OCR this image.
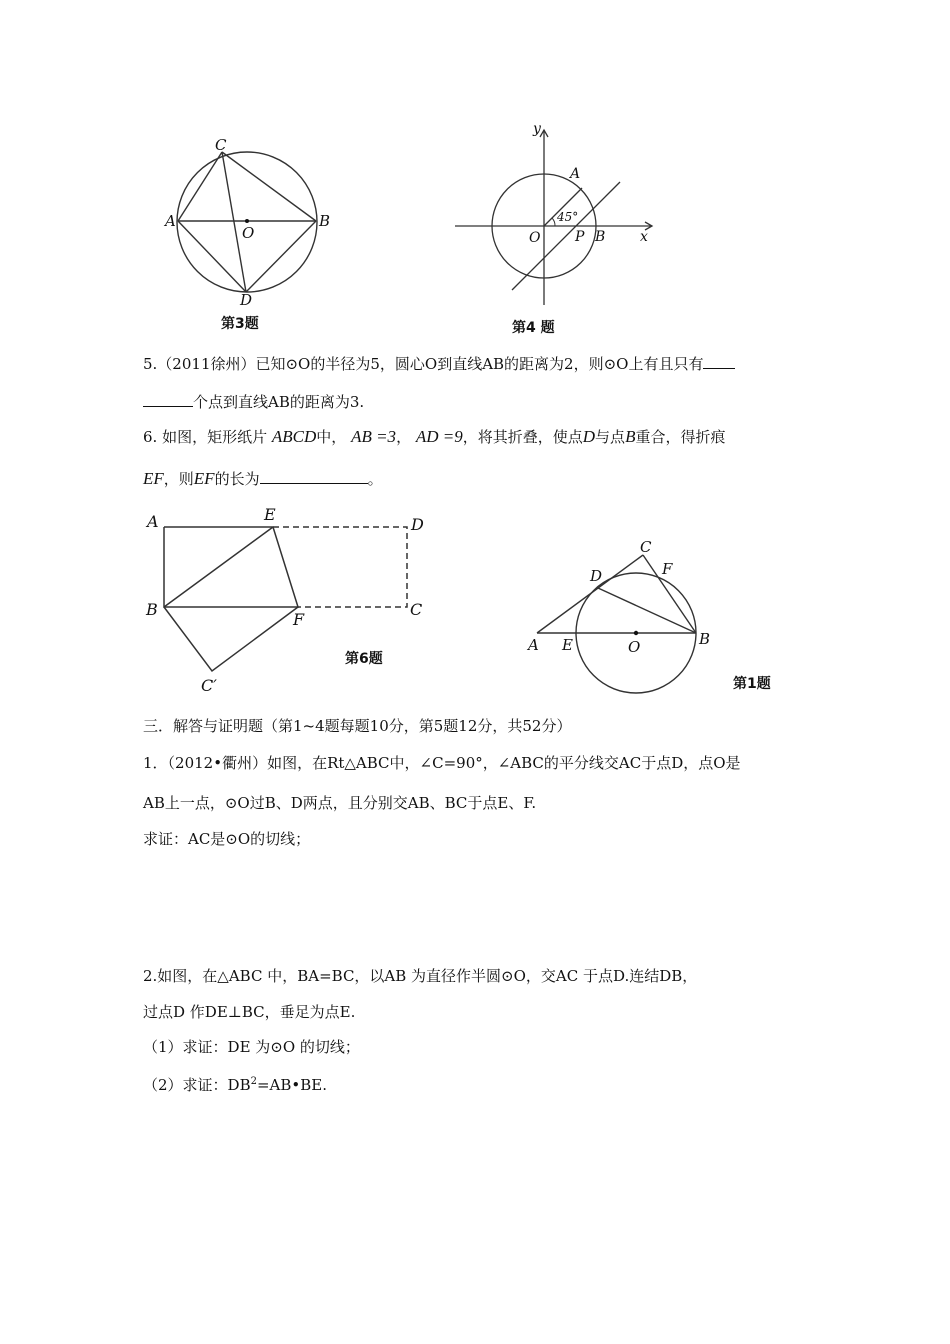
C
A	B
O
D
第3题
y
x
A
45°
O P B
第4 题
5.（2011徐州）已知⊙O的半径为5，圆心O到直线AB的距离为2，则⊙O上有且只有
个点到直线AB的距离为3.
6. 如图，矩形纸片 ABCD中， AB =3， AD =9，将其折叠，使点D与点B重合，得折痕
EF，则EF的长为	。
A	E
D
B
F
C
C′
第6题
C
D	F
A E	O	B
第1题
三．解答与证明题（第1~4题每题10分，第5题12分，共52分）
1．（2012•衢州）如图，在Rt△ABC中，∠C=90°，∠ABC的平分线交AC于点D，点O是
AB上一点，⊙O过B、D两点，且分别交AB、BC于点E、F.
求证：AC是⊙O的切线；
2.如图，在△ABC 中，BA=BC，以AB 为直径作半圆⊙O，交AC 于点D.连结DB，
过点D 作DE⊥BC，垂足为点E.
（1）求证：DE 为⊙O 的切线；
（2）求证：$DB^2=AB•BE$.
